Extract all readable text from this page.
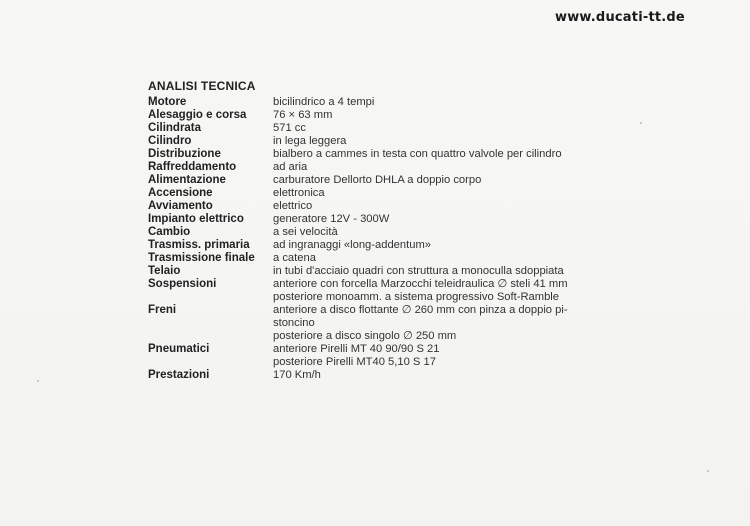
www.ducati-tt.de
ANALISI TECNICA
Motore	bicilindrico a 4 tempi
Alesaggio e corsa	76 × 63 mm
Cilindrata	571 cc
Cilindro	in lega leggera
Distribuzione	bialbero a cammes in testa con quattro valvole per cilindro
Raffreddamento	ad aria
Alimentazione	carburatore Dellorto DHLA a doppio corpo
Accensione	elettronica
Avviamento	elettrico
Impianto elettrico	generatore 12V - 300W
Cambio	a sei velocità
Trasmiss. primaria	ad ingranaggi «long-addentum»
Trasmissione finale	a catena
Telaio	in tubi d'acciaio quadri con struttura a monoculla sdoppiata
Sospensioni	anteriore con forcella Marzocchi teleidraulica ∅ steli 41 mm
posteriore monoamm. a sistema progressivo Soft-Ramble
Freni	anteriore a disco flottante ∅ 260 mm con pinza a doppio pi-
stoncino
posteriore a disco singolo ∅ 250 mm
Pneumatici	anteriore Pirelli MT 40 90/90 S 21
posteriore Pirelli MT40 5,10 S 17
Prestazioni	170 Km/h
